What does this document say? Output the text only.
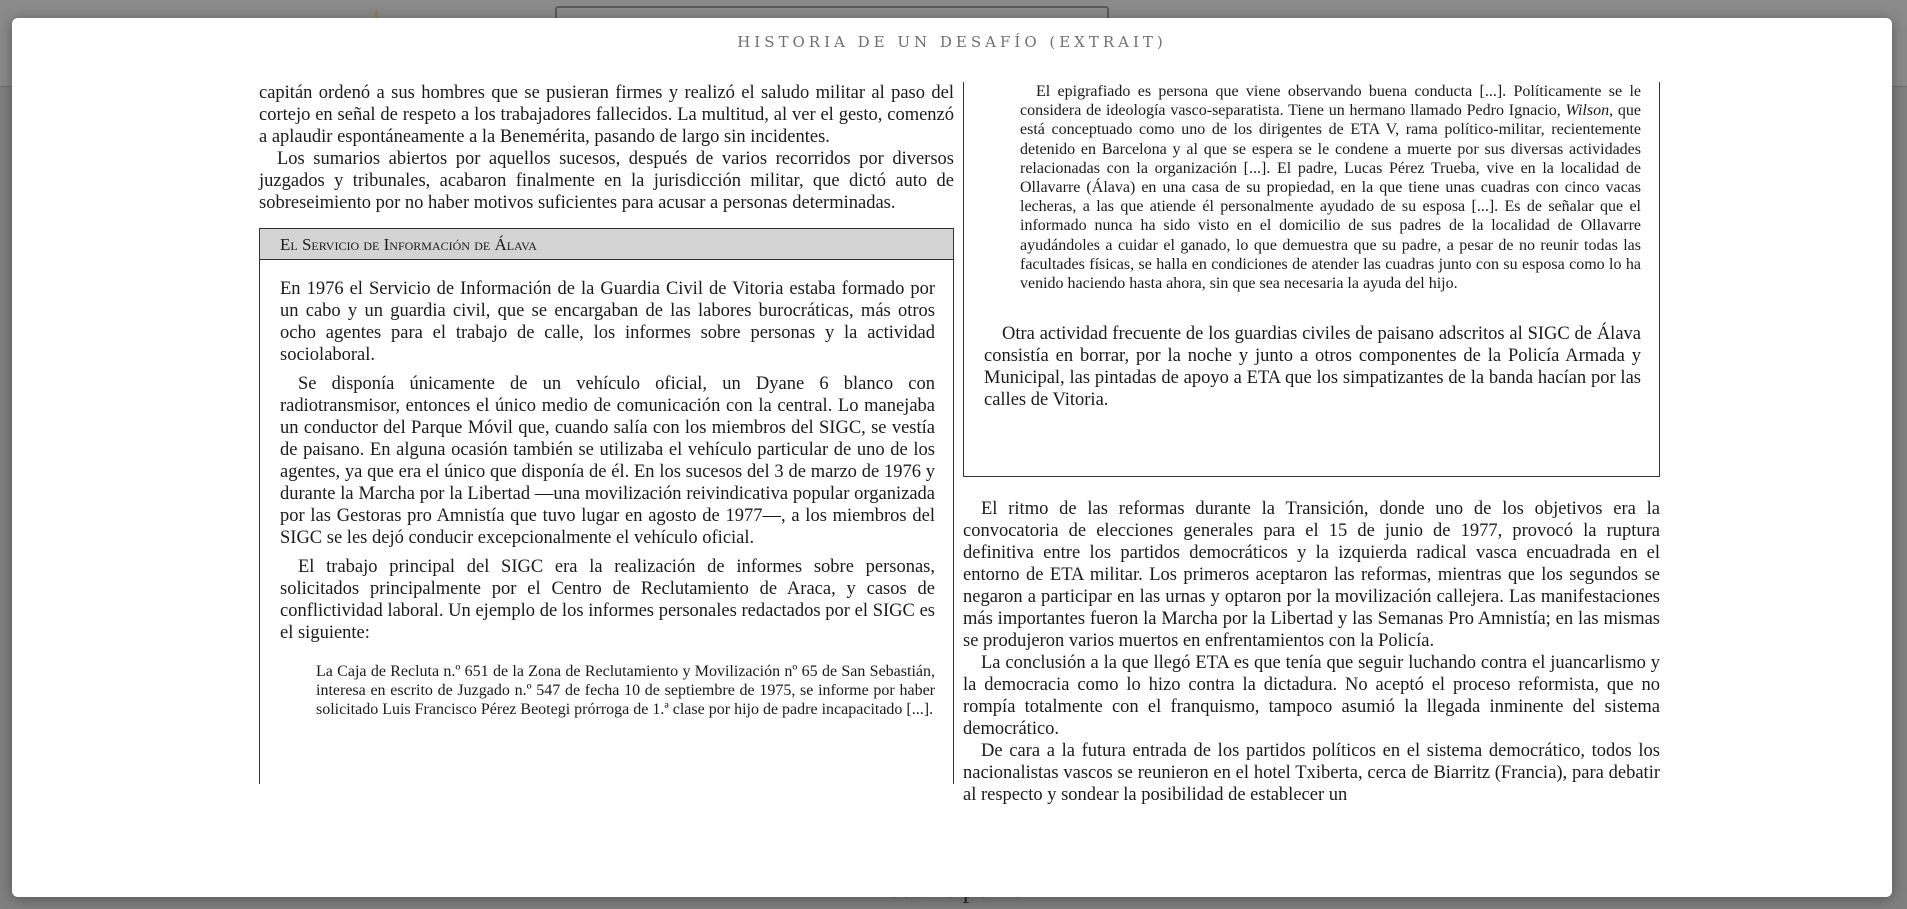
HISTORIA DE UN DESAFÍO (EXTRAIT)

capitán ordenó a sus hombres que se pusieran firmes y realizó el saludo militar al paso del cortejo en señal de respeto a los trabajadores fallecidos. La multitud, al ver el gesto, comenzó a aplaudir espontáneamente a la Benemérita, pasando de largo sin incidentes.

Los sumarios abiertos por aquellos sucesos, después de varios recorridos por diversos juzgados y tribunales, acabaron finalmente en la jurisdicción militar, que dictó auto de sobreseimiento por no haber motivos suficientes para acusar a personas determinadas.

El Servicio de Información de Álava

En 1976 el Servicio de Información de la Guardia Civil de Vitoria estaba formado por un cabo y un guardia civil, que se encargaban de las labores burocráticas, más otros ocho agentes para el trabajo de calle, los informes sobre personas y la actividad sociolaboral.

Se disponía únicamente de un vehículo oficial, un Dyane 6 blanco con radiotransmisor, entonces el único medio de comunicación con la central. Lo manejaba un conductor del Parque Móvil que, cuando salía con los miembros del SIGC, se vestía de paisano. En alguna ocasión también se utilizaba el vehículo particular de uno de los agentes, ya que era el único que disponía de él. En los sucesos del 3 de marzo de 1976 y durante la Marcha por la Libertad —una movilización reivindicativa popular organizada por las Gestoras pro Amnistía que tuvo lugar en agosto de 1977—, a los miembros del SIGC se les dejó conducir excepcionalmente el vehículo oficial.

El trabajo principal del SIGC era la realización de informes sobre personas, solicitados principalmente por el Centro de Reclutamiento de Araca, y casos de conflictividad laboral. Un ejemplo de los informes personales redactados por el SIGC es el siguiente:

La Caja de Recluta n.º 651 de la Zona de Reclutamiento y Movilización nº 65 de San Sebastián, interesa en escrito de Juzgado n.º 547 de fecha 10 de septiembre de 1975, se informe por haber solicitado Luis Francisco Pérez Beotegi prórroga de 1.ª clase por hijo de padre incapacitado [...].

El epigrafiado es persona que viene observando buena conducta [...]. Políticamente se le considera de ideología vasco-separatista. Tiene un hermano llamado Pedro Ignacio, Wilson, que está conceptuado como uno de los dirigentes de ETA V, rama político-militar, recientemente detenido en Barcelona y al que se espera se le condene a muerte por sus diversas actividades relacionadas con la organización [...]. El padre, Lucas Pérez Trueba, vive en la localidad de Ollavarre (Álava) en una casa de su propiedad, en la que tiene unas cuadras con cinco vacas lecheras, a las que atiende él personalmente ayudado de su esposa [...]. Es de señalar que el informado nunca ha sido visto en el domicilio de sus padres de la localidad de Ollavarre ayudándoles a cuidar el ganado, lo que demuestra que su padre, a pesar de no reunir todas las facultades físicas, se halla en condiciones de atender las cuadras junto con su esposa como lo ha venido haciendo hasta ahora, sin que sea necesaria la ayuda del hijo.

Otra actividad frecuente de los guardias civiles de paisano adscritos al SIGC de Álava consistía en borrar, por la noche y junto a otros componentes de la Policía Armada y Municipal, las pintadas de apoyo a ETA que los simpatizantes de la banda hacían por las calles de Vitoria.

El ritmo de las reformas durante la Transición, donde uno de los objetivos era la convocatoria de elecciones generales para el 15 de junio de 1977, provocó la ruptura definitiva entre los partidos democráticos y la izquierda radical vasca encuadrada en el entorno de ETA militar. Los primeros aceptaron las reformas, mientras que los segundos se negaron a participar en las urnas y optaron por la movilización callejera. Las manifestaciones más importantes fueron la Marcha por la Libertad y las Semanas Pro Amnistía; en las mismas se produjeron varios muertos en enfrentamientos con la Policía.

La conclusión a la que llegó ETA es que tenía que seguir luchando contra el juancarlismo y la democracia como lo hizo contra la dictadura. No aceptó el proceso reformista, que no rompía totalmente con el franquismo, tampoco asumió la llegada inminente del sistema democrático.

De cara a la futura entrada de los partidos políticos en el sistema democrático, todos los nacionalistas vascos se reunieron en el hotel Txiberta, cerca de Biarritz (Francia), para debatir al respecto y sondear la posibilidad de establecer un
